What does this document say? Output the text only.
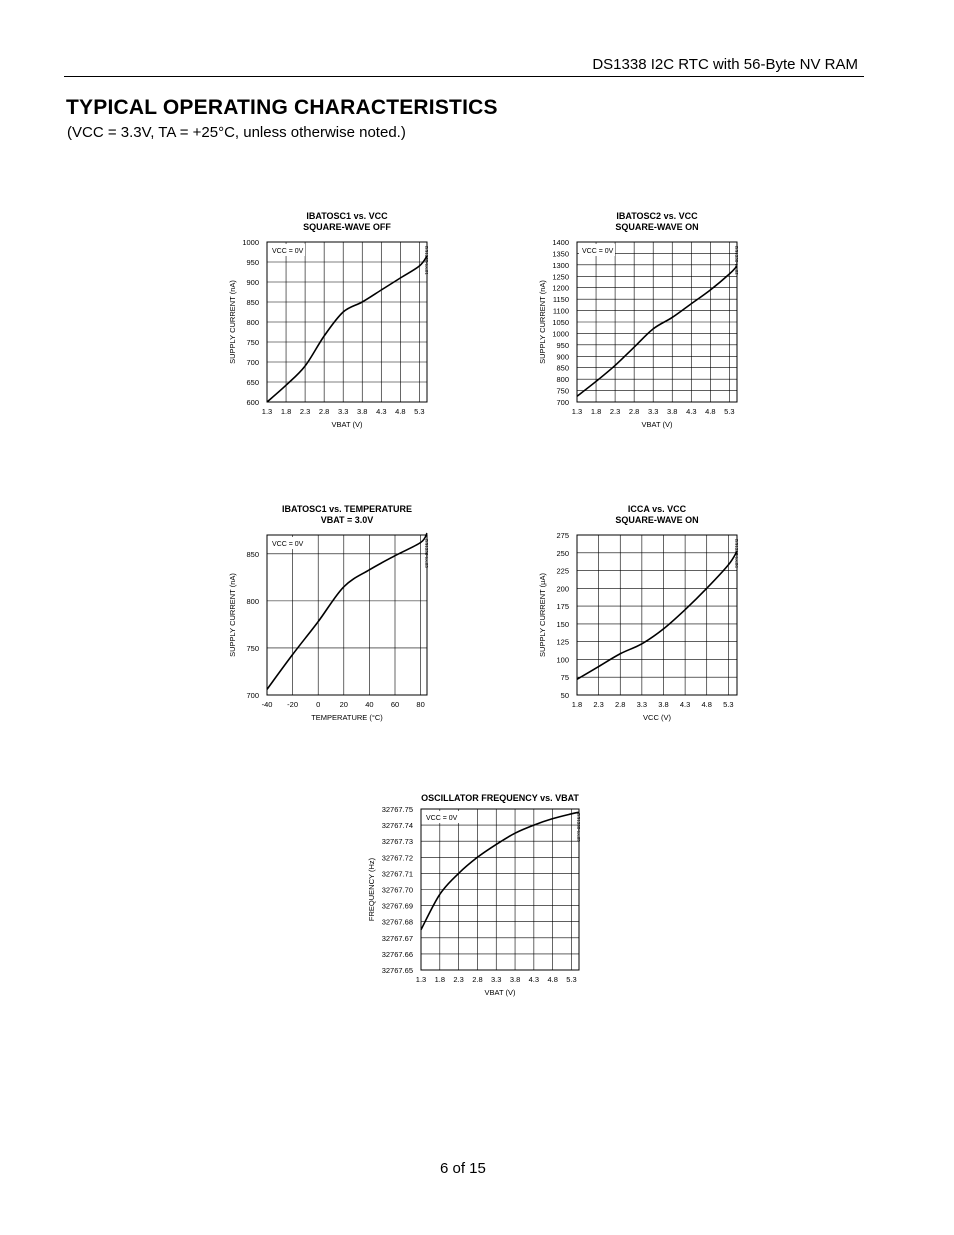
DS1338 I2C RTC with 56-Byte NV RAM
TYPICAL OPERATING CHARACTERISTICS
(VCC = 3.3V, TA = +25°C, unless otherwise noted.)
IBATOSC1 vs. VCC
SQUARE-WAVE OFF
1.3 1.8 2.3 2.8 3.3 3.8 4.3 4.8 5.3
600
650
700
750
800
850
900
950
1000
VBAT (V)
SUPPLY CURRENT (nA)
VCC = 0V	DS1338-toc01
IBATOSC2 vs. VCC
SQUARE-WAVE ON
1.3 1.8 2.3 2.8 3.3 3.8 4.3 4.8 5.3
700
750
800
850
900
950
1000
1050
1100
1150
1200
1250
1300
1350
1400
VBAT (V)
SUPPLY CURRENT (nA)
VCC = 0V	DS1338-toc02
IBATOSC1 vs. TEMPERATURE
VBAT = 3.0V
-40 -20 0	20 40 60 80
700
750
800
850
TEMPERATURE (°C)
SUPPLY CURRENT (nA)
VCC = 0V	DS1338-toc03
ICCA vs. VCC
SQUARE-WAVE ON
1.8 2.3 2.8 3.3 3.8 4.3 4.8 5.3
50
75
100
125
150
175
200
225
250
275
VCC (V)
SUPPLY CURRENT (µA)
DS1338-toc04
OSCILLATOR FREQUENCY vs. VBAT
1.3 1.8 2.3 2.8 3.3 3.8 4.3 4.8 5.3
32767.65
32767.66
32767.67
32767.68
32767.69
32767.70
32767.71
32767.72
32767.73
32767.74
32767.75
VBAT (V)
FREQUENCY (Hz)
VCC = 0V	DS1338-toc05
6 of 15
